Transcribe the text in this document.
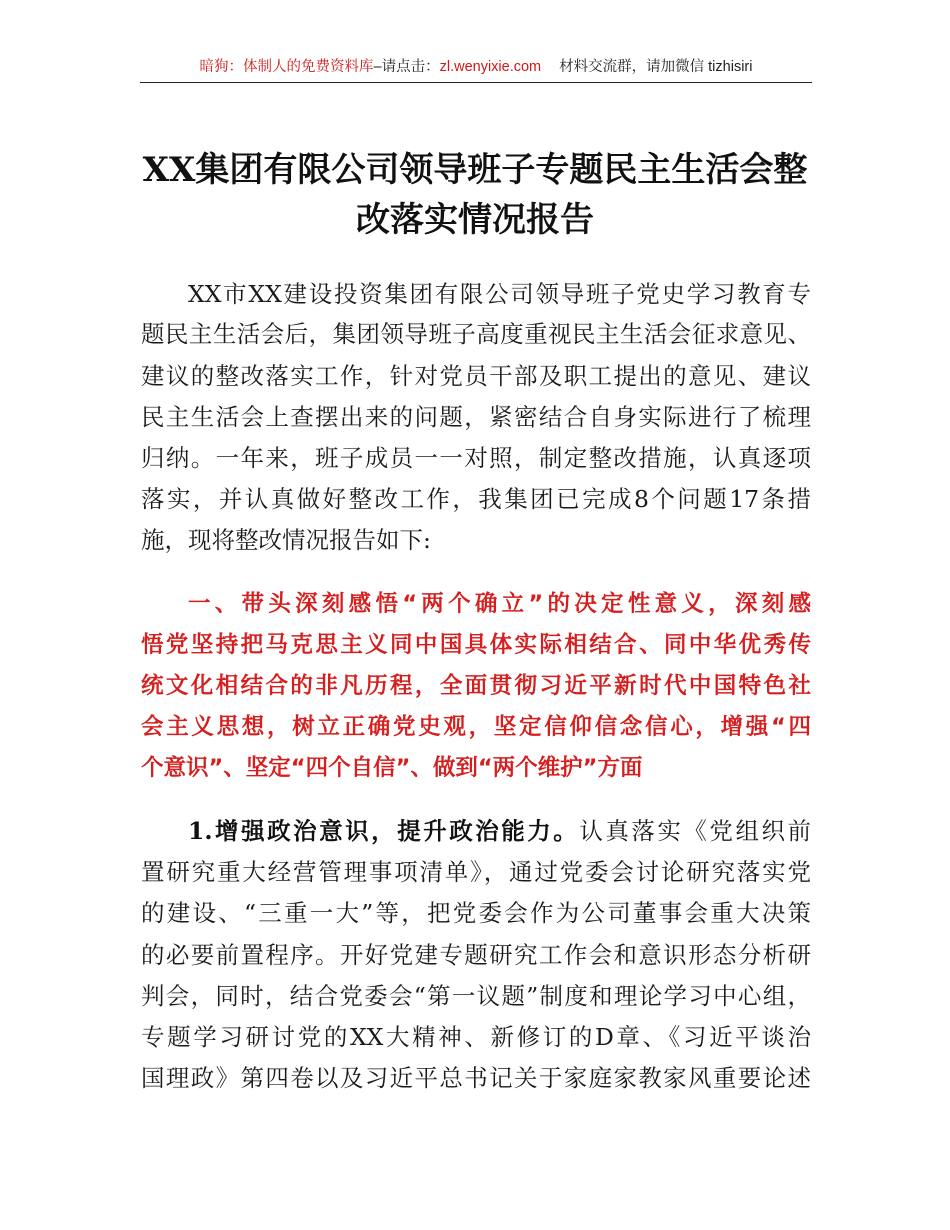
暗狗：体制人的免费资料库–请点击：zl.wenyixie.com 材料交流群，请加微信 tizhisiri
XX集团有限公司领导班子专题民主生活会整
改落实情况报告
XX市XX建设投资集团有限公司领导班子党史学习教育专
题民主生活会后，集团领导班子高度重视民主生活会征求意见、
建议的整改落实工作，针对党员干部及职工提出的意见、建议
民主生活会上查摆出来的问题，紧密结合自身实际进行了梳理
归纳。一年来，班子成员一一对照，制定整改措施，认真逐项
落实，并认真做好整改工作，我集团已完成8个问题17条措
施，现将整改情况报告如下:
一、带头深刻感悟“两个确立”的决定性意义，深刻感
悟党坚持把马克思主义同中国具体实际相结合、同中华优秀传
统文化相结合的非凡历程，全面贯彻习近平新时代中国特色社
会主义思想，树立正确党史观，坚定信仰信念信心，增强“四
个意识”、坚定“四个自信”、做到“两个维护”方面
1.增强政治意识，提升政治能力。认真落实《党组织前
置研究重大经营管理事项清单》，通过党委会讨论研究落实党
的建设、“三重一大”等，把党委会作为公司董事会重大决策
的必要前置程序。开好党建专题研究工作会和意识形态分析研
判会，同时，结合党委会“第一议题”制度和理论学习中心组，
专题学习研讨党的XX大精神、新修订的D章、《习近平谈治
国理政》第四卷以及习近平总书记关于家庭家教家风重要论述
